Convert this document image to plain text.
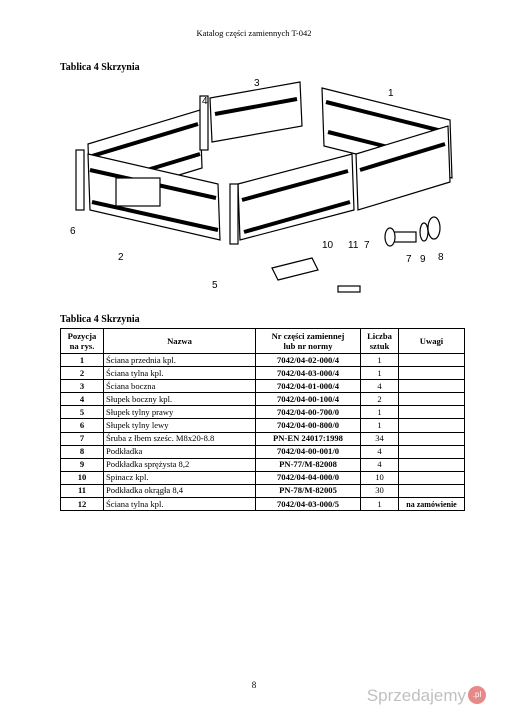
Katalog części zamiennych T-042
Tablica 4 Skrzynia
1
2
3
4
5
6
7	8
9
10 11 7
Tablica 4 Skrzynia
Pozycja
na rys.	Nazwa	Nr części zamiennej
lub nr normy	Liczba
sztuk	Uwagi
1	Ściana przednia kpl.	7042/04-02-000/4	1	
2	Ściana tylna kpl.	7042/04-03-000/4	1	
3	Ściana boczna	7042/04-01-000/4	4	
4	Słupek boczny kpl.	7042/04-00-100/4	2	
5	Słupek tylny prawy	7042/04-00-700/0	1	
6	Słupek tylny lewy	7042/04-00-800/0	1	
7	Śruba z łbem sześc. M8x20-8.8	PN-EN 24017:1998	34	
8	Podkładka	7042/04-00-001/0	4	
9	Podkładka sprężysta 8,2	PN-77/M-82008	4	
10	Spinacz kpl.	7042/04-04-000/0	10	
11	Podkładka okrągła 8,4	PN-78/M-82005	30	
12	Ściana tylna kpl.	7042/04-03-000/5	1	na zamówienie
8
Sprzedajemy .pl
